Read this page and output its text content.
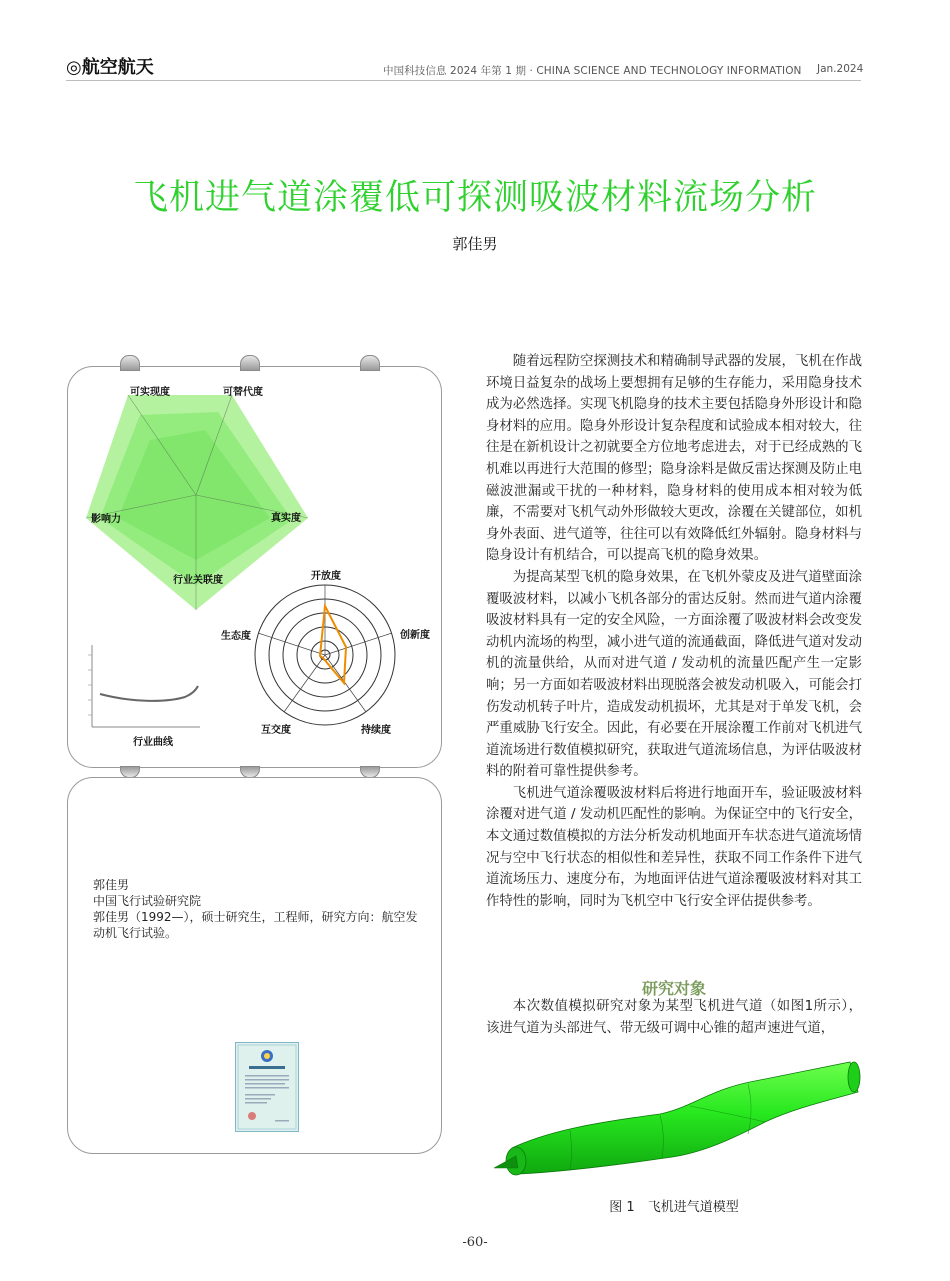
◎航空航天	中国科技信息 2024 年第 1 期 · CHINA SCIENCE AND TECHNOLOGY INFORMATION Jan.2024
飞机进气道涂覆低可探测吸波材料流场分析
郭佳男
可实现度	可替代度
真实度
行业关联度
影响力
行业曲线
开放度
创新度
持续度
互交度
生态度
郭佳男
中国飞行试验研究院
郭佳男（1992—），硕士研究生，工程师，研究方向：航空发动机飞行试验。

随着远程防空探测技术和精确制导武器的发展，飞机在作战环境日益复杂的战场上要想拥有足够的生存能力，采用隐身技术成为必然选择。实现飞机隐身的技术主要包括隐身外形设计和隐身材料的应用。隐身外形设计复杂程度和试验成本相对较大，往往是在新机设计之初就要全方位地考虑进去，对于已经成熟的飞机难以再进行大范围的修型；隐身涂料是做反雷达探测及防止电磁波泄漏或干扰的一种材料，隐身材料的使用成本相对较为低廉，不需要对飞机气动外形做较大更改，涂覆在关键部位，如机身外表面、进气道等，往往可以有效降低红外辐射。隐身材料与隐身设计有机结合，可以提高飞机的隐身效果。

为提高某型飞机的隐身效果，在飞机外蒙皮及进气道壁面涂覆吸波材料，以减小飞机各部分的雷达反射。然而进气道内涂覆吸波材料具有一定的安全风险，一方面涂覆了吸波材料会改变发动机内流场的构型，减小进气道的流通截面，降低进气道对发动机的流量供给，从而对进气道 / 发动机的流量匹配产生一定影响；另一方面如若吸波材料出现脱落会被发动机吸入，可能会打伤发动机转子叶片，造成发动机损坏，尤其是对于单发飞机，会严重威胁飞行安全。因此，有必要在开展涂覆工作前对飞机进气道流场进行数值模拟研究，获取进气道流场信息，为评估吸波材料的附着可靠性提供参考。

飞机进气道涂覆吸波材料后将进行地面开车，验证吸波材料涂覆对进气道 / 发动机匹配性的影响。为保证空中的飞行安全，本文通过数值模拟的方法分析发动机地面开车状态进气道流场情况与空中飞行状态的相似性和差异性，获取不同工作条件下进气道流场压力、速度分布，为地面评估进气道涂覆吸波材料对其工作特性的影响，同时为飞机空中飞行安全评估提供参考。

研究对象

本次数值模拟研究对象为某型飞机进气道（如图1所示），该进气道为头部进气、带无级可调中心锥的超声速进气道，

图 1　飞机进气道模型
-60-
